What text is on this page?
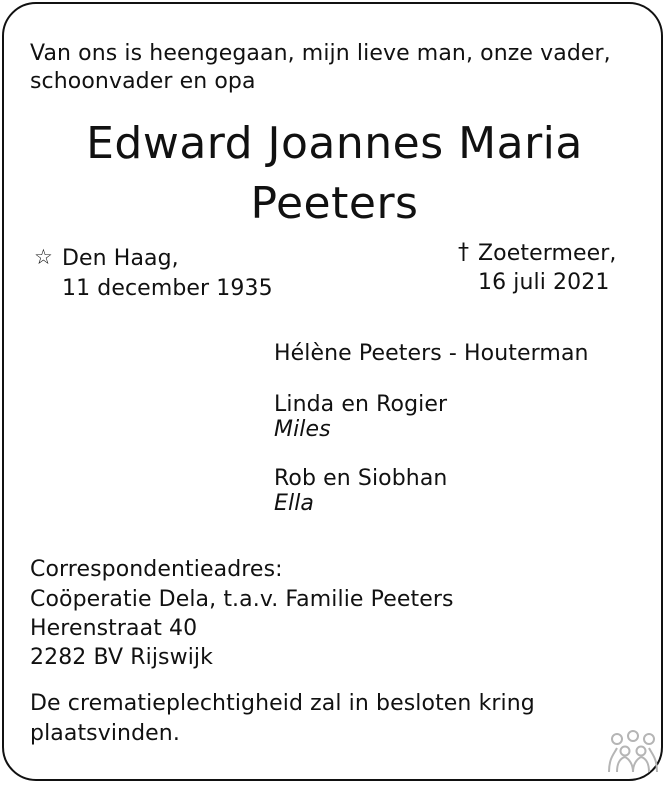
Van ons is heengegaan, mijn lieve man, onze vader,
schoonvader en opa
Edward Joannes Maria
Peeters
☆ Den Haag,
11 december 1935
† Zoetermeer,
16 juli 2021
Hélène Peeters - Houterman
Linda en Rogier
Miles
Rob en Siobhan
Ella
Correspondentieadres:
Coöperatie Dela, t.a.v. Familie Peeters
Herenstraat 40
2282 BV Rijswijk
De crematieplechtigheid zal in besloten kring
plaatsvinden.
